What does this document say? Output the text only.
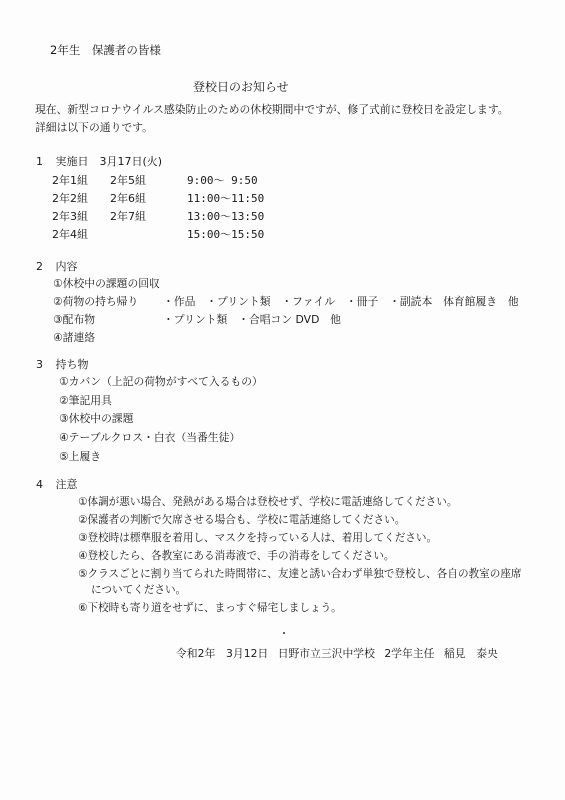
2年生　保護者の皆様
登校日のお知らせ
現在、新型コロナウイルス感染防止のための休校期間中ですが、修了式前に登校日を設定します。
詳細は以下の通りです。
1 実施日　3月17日(火)
2年1組 2年5組	9:00～ 9:50
2年2組 2年6組	11:00～11:50
2年3組 2年7組	13:00～13:50
2年4組	15:00～15:50
2 内容
①休校中の課題の回収
②荷物の持ち帰り ・作品　・プリント類　・ファイル　・冊子　・副読本　体育館履き　他
③配布物	・プリント類　・合唱コン DVD　他
④諸連絡
3 持ち物
①カバン（上記の荷物がすべて入るもの）
②筆記用具
③休校中の課題
④テーブルクロス・白衣（当番生徒）
⑤上履き
4 注意
①体調が悪い場合、発熱がある場合は登校せず、学校に電話連絡してください。
②保護者の判断で欠席させる場合も、学校に電話連絡してください。
③登校時は標準服を着用し、マスクを持っている人は、着用してください。
④登校したら、各教室にある消毒液で、手の消毒をしてください。
⑤クラスごとに割り当てられた時間帯に、友達と誘い合わず単独で登校し、各自の教室の座席
についてください。
⑥下校時も寄り道をせずに、まっすぐ帰宅しましょう。
令和2年　3月12日 日野市立三沢中学校 2学年主任 稲見　泰央
